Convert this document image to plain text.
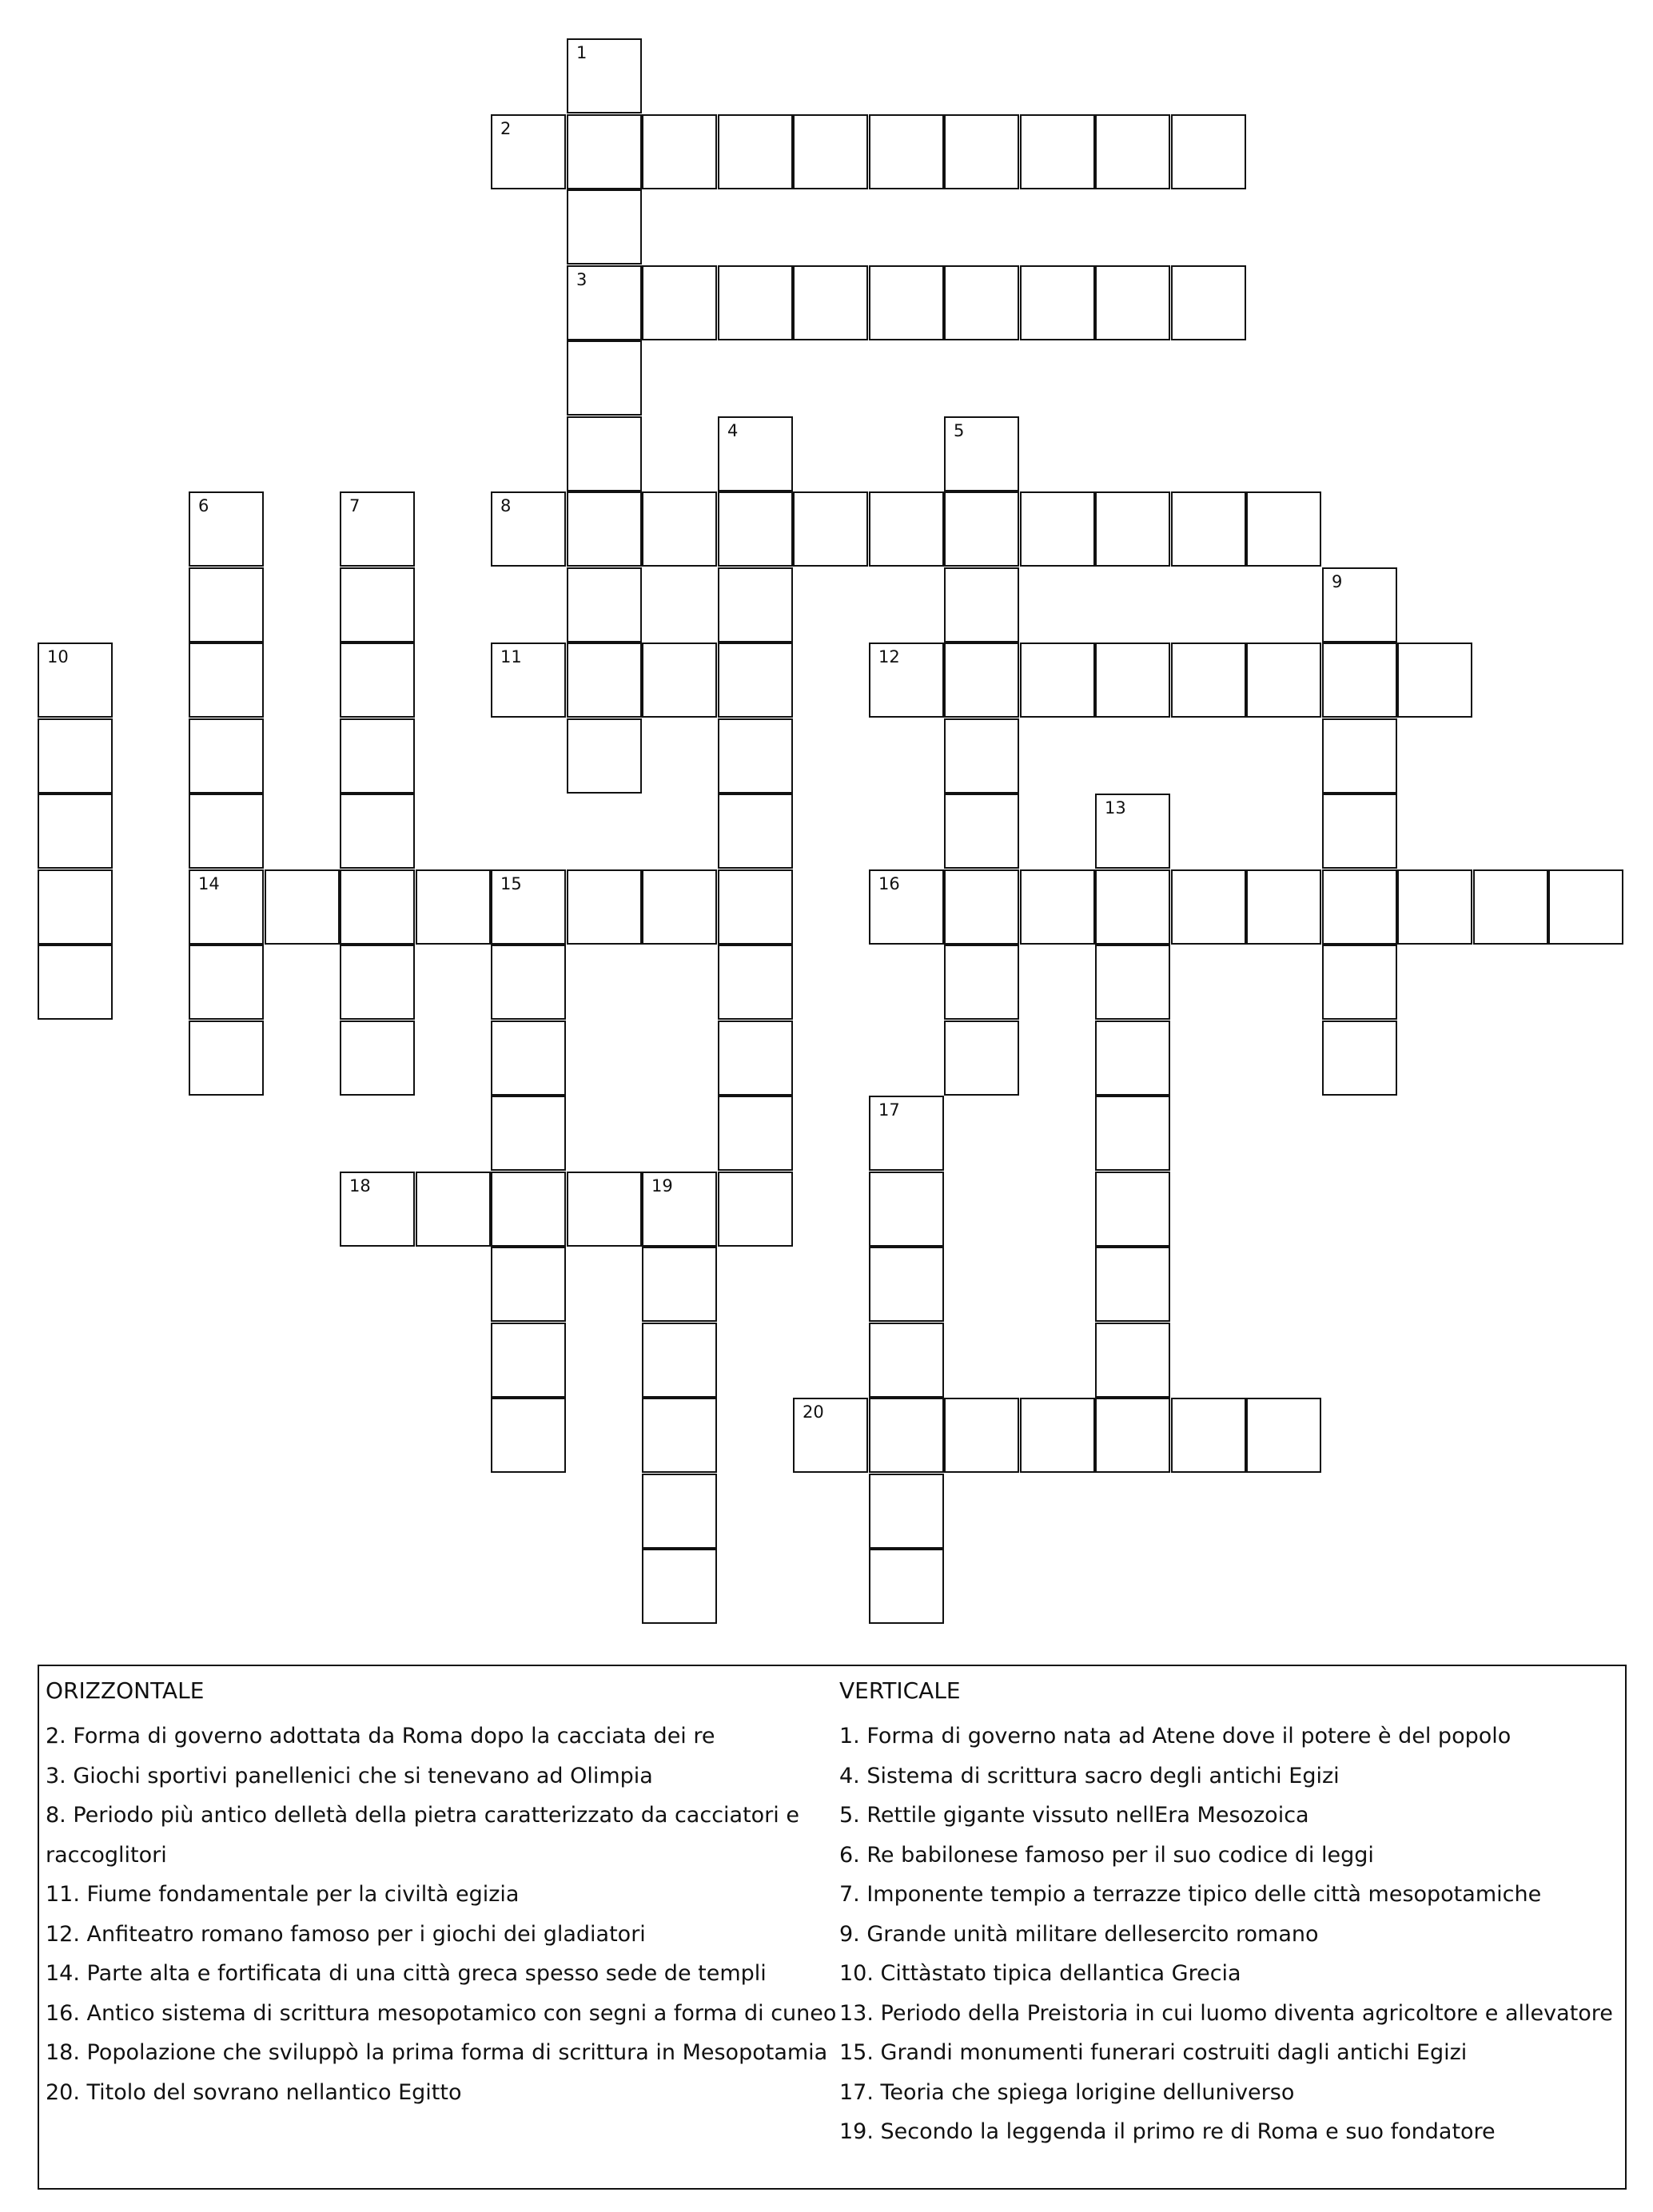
1
3
2
4	5
6
14
7	8
9
10	11	12
13
15	16
17
18	19
20
ORIZZONTALE
2. Forma di governo adottata da Roma dopo la cacciata dei re
3. Giochi sportivi panellenici che si tenevano ad Olimpia
8. Periodo più antico delletà della pietra caratterizzato da cacciatori e raccoglitori
11. Fiume fondamentale per la civiltà egizia
12. Anfiteatro romano famoso per i giochi dei gladiatori
14. Parte alta e fortificata di una città greca spesso sede de templi
16. Antico sistema di scrittura mesopotamico con segni a forma di cuneo
18. Popolazione che sviluppò la prima forma di scrittura in Mesopotamia
20. Titolo del sovrano nellantico Egitto
VERTICALE
1. Forma di governo nata ad Atene dove il potere è del popolo
4. Sistema di scrittura sacro degli antichi Egizi
5. Rettile gigante vissuto nellEra Mesozoica
6. Re babilonese famoso per il suo codice di leggi
7. Imponente tempio a terrazze tipico delle città mesopotamiche
9. Grande unità militare dellesercito romano
10. Cittàstato tipica dellantica Grecia
13. Periodo della Preistoria in cui luomo diventa agricoltore e allevatore
15. Grandi monumenti funerari costruiti dagli antichi Egizi
17. Teoria che spiega lorigine delluniverso
19. Secondo la leggenda il primo re di Roma e suo fondatore
